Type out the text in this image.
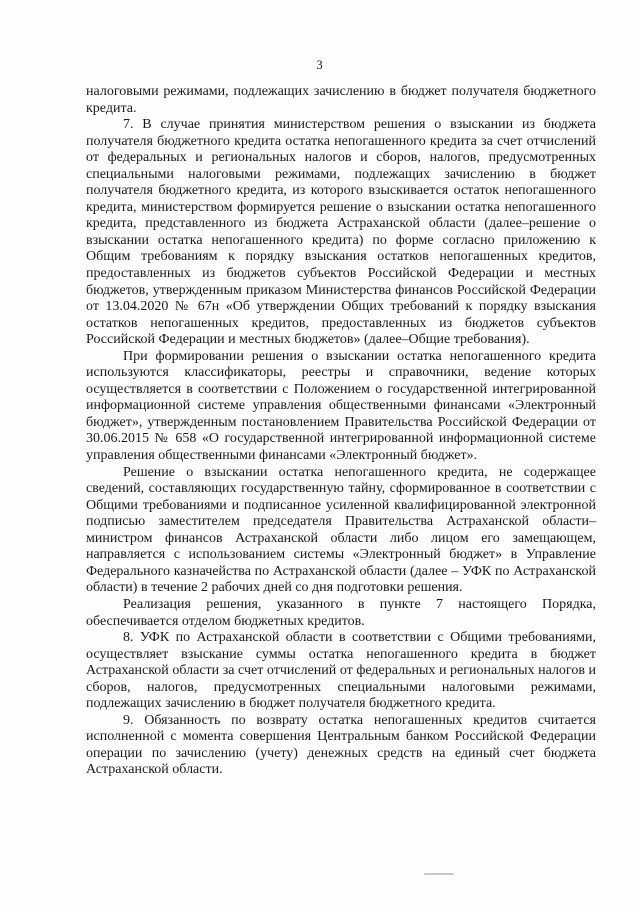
3

налоговыми режимами, подлежащих зачислению в бюджет получателя бюджетного кредита.

7. В случае принятия министерством решения о взыскании из бюджета получателя бюджетного кредита остатка непогашенного кредита за счет отчислений от федеральных и региональных налогов и сборов, налогов, предусмотренных специальными налоговыми режимами, подлежащих зачислению в бюджет получателя бюджетного кредита, из которого взыскивается остаток непогашенного кредита, министерством формируется решение о взыскании остатка непогашенного кредита, представленного из бюджета Астраханской области (далее–решение о взыскании остатка непогашенного кредита) по форме согласно приложению к Общим требованиям к порядку взыскания остатков непогашенных кредитов, предоставленных из бюджетов субъектов Российской Федерации и местных бюджетов, утвержденным приказом Министерства финансов Российской Федерации от 13.04.2020 № 67н «Об утверждении Общих требований к порядку взыскания остатков непогашенных кредитов, предоставленных из бюджетов субъектов Российской Федерации и местных бюджетов» (далее–Общие требования).

При формировании решения о взыскании остатка непогашенного кредита используются классификаторы, реестры и справочники, ведение которых осуществляется в соответствии с Положением о государственной интегрированной информационной системе управления общественными финансами «Электронный бюджет», утвержденным постановлением Правительства Российской Федерации от 30.06.2015 № 658 «О государственной интегрированной информационной системе управления общественными финансами «Электронный бюджет».

Решение о взыскании остатка непогашенного кредита, не содержащее сведений, составляющих государственную тайну, сформированное в соответствии с Общими требованиями и подписанное усиленной квалифицированной электронной подписью заместителем председателя Правительства Астраханской области–министром финансов Астраханской области либо лицом его замещающем, направляется с использованием системы «Электронный бюджет» в Управление Федерального казначейства по Астраханской области (далее – УФК по Астраханской области) в течение 2 рабочих дней со дня подготовки решения.

Реализация решения, указанного в пункте 7 настоящего Порядка, обеспечивается отделом бюджетных кредитов.

8. УФК по Астраханской области в соответствии с Общими требованиями, осуществляет взыскание суммы остатка непогашенного кредита в бюджет Астраханской области за счет отчислений от федеральных и региональных налогов и сборов, налогов, предусмотренных специальными налоговыми режимами, подлежащих зачислению в бюджет получателя бюджетного кредита.

9. Обязанность по возврату остатка непогашенных кредитов считается исполненной с момента совершения Центральным банком Российской Федерации операции по зачислению (учету) денежных средств на единый счет бюджета Астраханской области.
